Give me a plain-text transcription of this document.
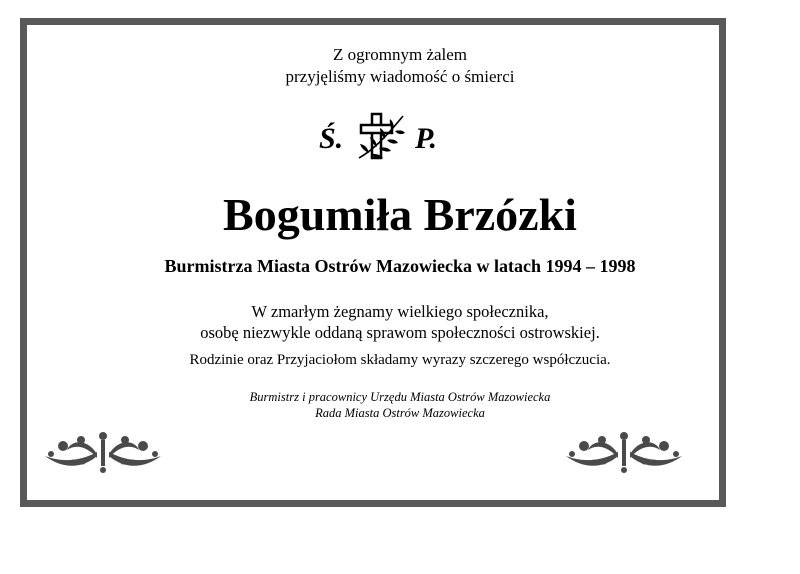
Z ogromnym żalem
przyjęliśmy wiadomość o śmierci
Ś. P.
Bogumiła Brzózki
Burmistrza Miasta Ostrów Mazowiecka w latach 1994 – 1998
W zmarłym żegnamy wielkiego społecznika,
osobę niezwykle oddaną sprawom społeczności ostrowskiej.
Rodzinie oraz Przyjaciołom składamy wyrazy szczerego współczucia.
Burmistrz i pracownicy Urzędu Miasta Ostrów Mazowiecka
Rada Miasta Ostrów Mazowiecka
